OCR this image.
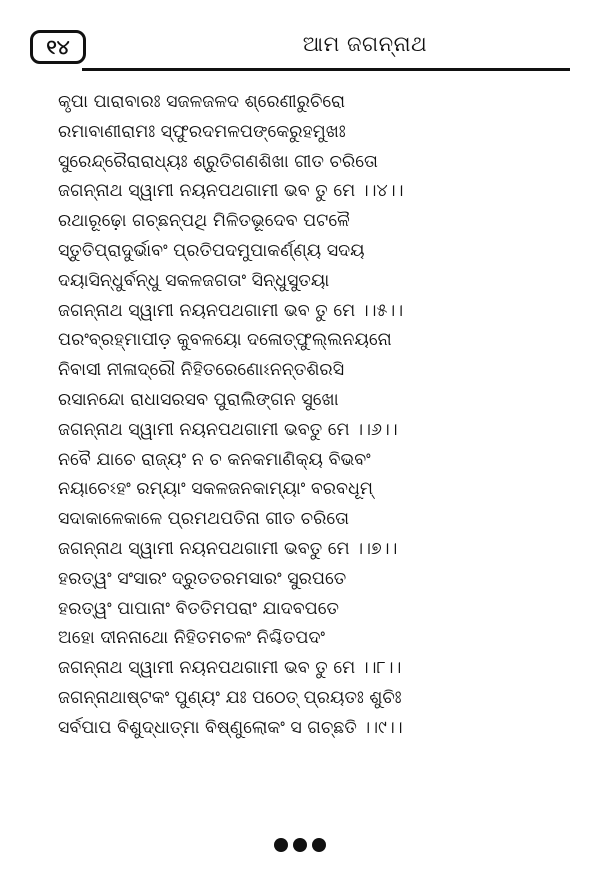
୧୪	ଆମ ଜଗନ୍ନାଥ
କୃପା ପାରାବାରଃ ସଜଳଜଳଦ ଶ୍ରେଣୀରୁଚିରୋ
ରମାବାଣୀରାମଃ ସ୍ଫୁରଦମଳପଙ୍କେରୁହମୁଖଃ
ସୁରେନ୍ଦ୍ରୈରାରାଧ୍ୟଃ ଶ୍ରୁତିଗଣଶିଖା ଗୀତ ଚରିତୋ
ଜଗନ୍ନାଥ ସ୍ୱାମୀ ନୟନପଥଗାମୀ ଭବ ତୁ ମେ ।।୪।।
ରଥାରୂଢ଼ୋ ଗଚ୍ଛନ୍‌ପଥି ମିଳିତଭୂଦେବ ପଟଳୈ
ସ୍ତୁତିପ୍ରାଦୁର୍ଭାବଂ ପ୍ରତିପଦମୁପାକର୍ଣ୍ଣ୍ୟ ସଦୟ
ଦୟାସିନ୍ଧୁର୍ବନ୍ଧୁ ସକଳଜଗତାଂ ସିନ୍ଧୁସୁତୟା
ଜଗନ୍ନାଥ ସ୍ୱାମୀ ନୟନପଥଗାମୀ ଭବ ତୁ ମେ ।।୫।।
ପରଂବ୍ରହ୍ମାପୀଡ଼ କୁବଳୟୋ ଦଳୋତ୍‌ଫୁଲ୍ଲନୟନୋ
ନିବାସୀ ନୀଳାଦ୍ରୌ ନିହିତରେଣୋଽନନ୍ତଶିରସି
ରସାନନ୍ଦୋ ରାଧାସରସବ ପୁରାଲିଙ୍ଗନ ସୁଖୋ
ଜଗନ୍ନାଥ ସ୍ୱାମୀ ନୟନପଥଗାମୀ ଭବତୁ ମେ ।।୬।।
ନବୈ ଯାଚେ ରାଜ୍ୟଂ ନ ଚ କନକମାଣିକ୍ୟ ବିଭବଂ
ନୟାଚେଽହଂ ରମ୍ୟାଂ ସକଳଜନକାମ୍ୟାଂ ବରବଧୂମ୍
ସଦାକାଳେକାଳେ ପ୍ରମଥପତିନା ଗୀତ ଚରିତୋ
ଜଗନ୍ନାଥ ସ୍ୱାମୀ ନୟନପଥଗାମୀ ଭବତୁ ମେ ।।୭।।
ହରତ୍ୱଂ ସଂସାରଂ ଦ୍ରୁତତରମସାରଂ ସୁରପତେ
ହରତ୍ୱଂ ପାପାନାଂ ବିତତିମପରାଂ ଯାଦବପତେ
ଅହୋ ଦୀନନାଥୋ ନିହିତମଚଳଂ ନିଶ୍ଚିତପଦଂ
ଜଗନ୍ନାଥ ସ୍ୱାମୀ ନୟନପଥଗାମୀ ଭବ ତୁ ମେ ।।୮।।
ଜଗନ୍ନାଥାଷ୍ଟକଂ ପୁଣ୍ୟଂ ଯଃ ପଠେତ୍ ପ୍ରୟତଃ ଶୁଚିଃ
ସର୍ବପାପ ବିଶୁଦ୍ଧାତ୍ମା ବିଷ୍ଣୁଲୋକଂ ସ ଗଚ୍ଛତି ।।୯।।
